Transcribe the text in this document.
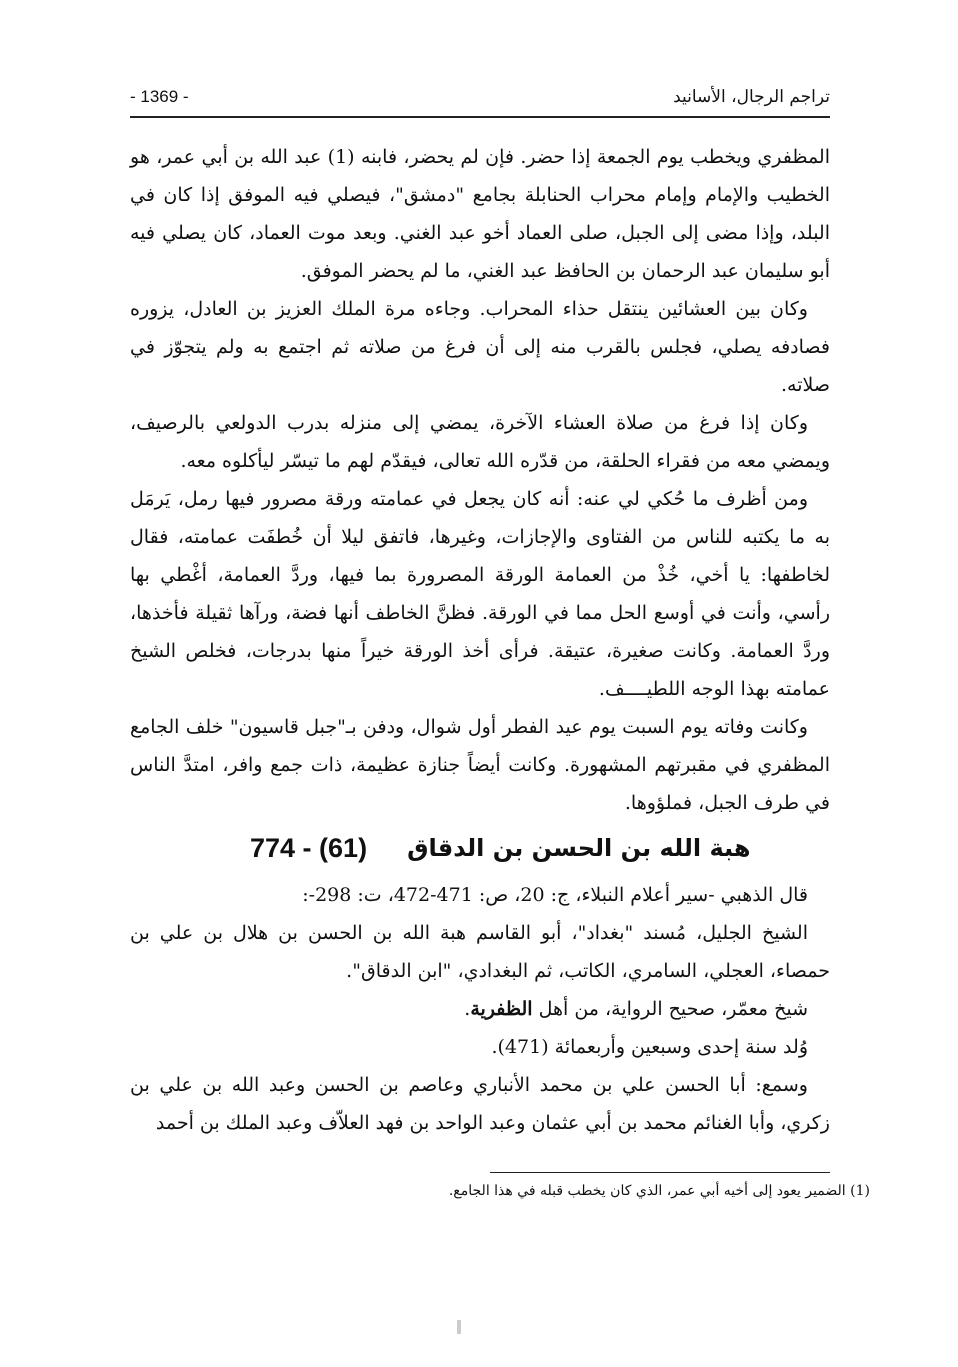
تراجم الرجال، الأسانيد
- 1369 -

المظفري ويخطب يوم الجمعة إذا حضر. فإن لم يحضر، فابنه (1) عبد الله بن أبي عمر، هو الخطيب والإمام وإمام محراب الحنابلة بجامع "دمشق"، فيصلي فيه الموفق إذا كان في البلد، وإذا مضى إلى الجبل، صلى العماد أخو عبد الغني. وبعد موت العماد، كان يصلي فيه أبو سليمان عبد الرحمان بن الحافظ عبد الغني، ما لم يحضر الموفق.

وكان بين العشائين ينتقل حذاء المحراب. وجاءه مرة الملك العزيز بن العادل، يزوره فصادفه يصلي، فجلس بالقرب منه إلى أن فرغ من صلاته ثم اجتمع به ولم يتجوّز في صلاته.

وكان إذا فرغ من صلاة العشاء الآخرة، يمضي إلى منزله بدرب الدولعي بالرصيف، ويمضي معه من فقراء الحلقة، من قدّره الله تعالى، فيقدّم لهم ما تيسّر ليأكلوه معه.

ومن أظرف ما حُكي لي عنه: أنه كان يجعل في عمامته ورقة مصرور فيها رمل، يَرمَل به ما يكتبه للناس من الفتاوى والإجازات، وغيرها، فاتفق ليلا أن خُطفَت عمامته، فقال لخاطفها: يا أخي، خُذْ من العمامة الورقة المصرورة بما فيها، وردَّ العمامة، أغْطي بها رأسي، وأنت في أوسع الحل مما في الورقة. فظنَّ الخاطف أنها فضة، ورآها ثقيلة فأخذها، وردَّ العمامة. وكانت صغيرة، عتيقة. فرأى أخذ الورقة خيراً منها بدرجات، فخلص الشيخ عمامته بهذا الوجه اللطيــــف.

وكانت وفاته يوم السبت يوم عيد الفطر أول شوال، ودفن بـ"جبل قاسيون" خلف الجامع المظفري في مقبرتهم المشهورة. وكانت أيضاً جنازة عظيمة، ذات جمع وافر، امتدَّ الناس في طرف الجبل، فملؤوها.

هبة الله بن الحسن بن الدقاق
774 - (61)

قال الذهبي -سير أعلام النبلاء، ج: 20، ص: 471-472، ت: 298-:

الشيخ الجليل، مُسند "بغداد"، أبو القاسم هبة الله بن الحسن بن هلال بن علي بن حمصاء، العجلي، السامري، الكاتب، ثم البغدادي، "ابن الدقاق".

شيخ معمّر، صحيح الرواية، من أهل الظفرية.

وُلد سنة إحدى وسبعين وأربعمائة (471).

وسمع: أبا الحسن علي بن محمد الأنباري وعاصم بن الحسن وعبد الله بن علي بن زكري، وأبا الغنائم محمد بن أبي عثمان وعبد الواحد بن فهد العلاّف وعبد الملك بن أحمد

(1) الضمير يعود إلى أخيه أبي عمر، الذي كان يخطب قبله في هذا الجامع.
